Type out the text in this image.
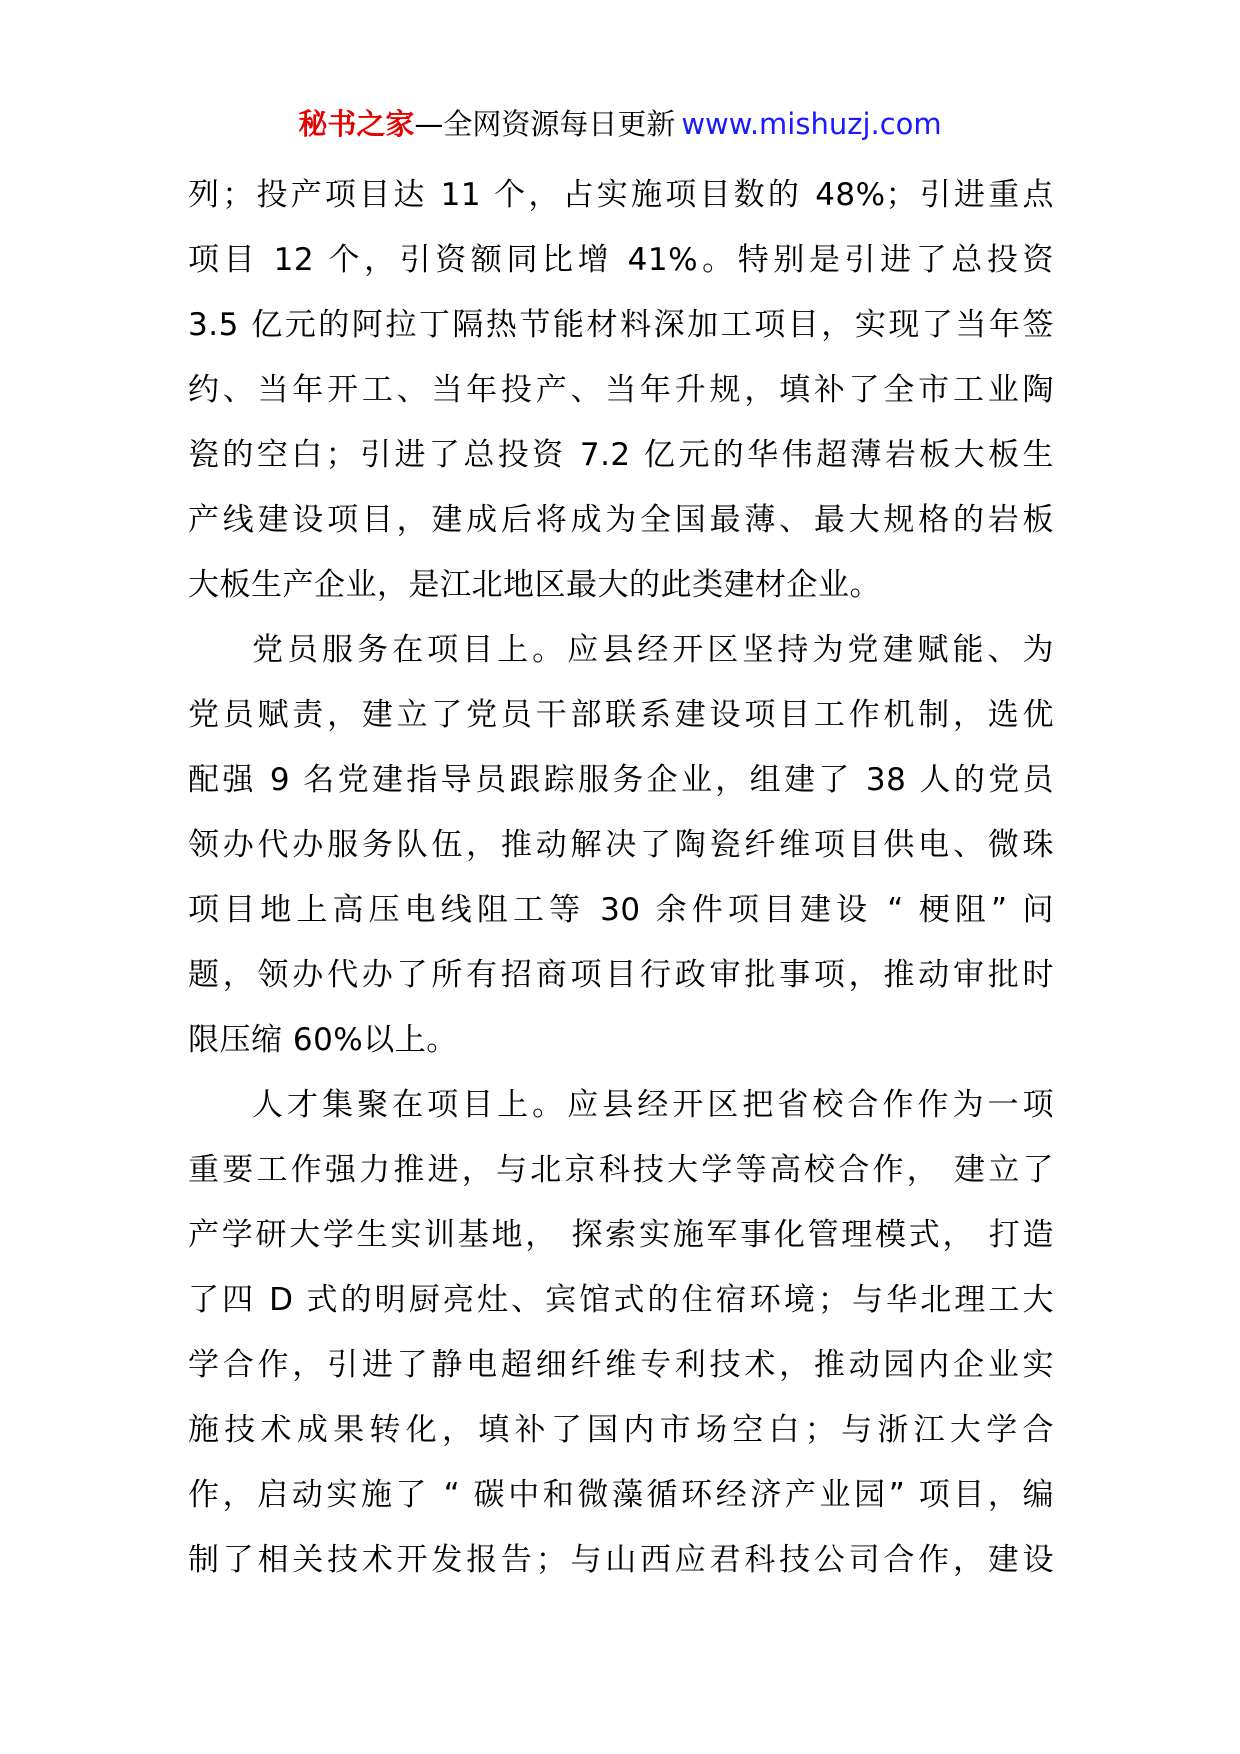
秘书之家—全网资源每日更新 www.mishuzj.com
列；投产项目达 11 个，占实施项目数的 48%；引进重点
项目 12 个，引资额同比增 41%。特别是引进了总投资
3.5 亿元的阿拉丁隔热节能材料深加工项目，实现了当年签
约、当年开工、当年投产、当年升规，填补了全市工业陶
瓷的空白；引进了总投资 7.2 亿元的华伟超薄岩板大板生
产线建设项目，建成后将成为全国最薄、最大规格的岩板
大板生产企业，是江北地区最大的此类建材企业。
党员服务在项目上。应县经开区坚持为党建赋能、为
党员赋责，建立了党员干部联系建设项目工作机制，选优
配强 9 名党建指导员跟踪服务企业，组建了 38 人的党员
领办代办服务队伍，推动解决了陶瓷纤维项目供电、微珠
项目地上高压电线阻工等 30 余件项目建设 “ 梗阻” 问
题，领办代办了所有招商项目行政审批事项，推动审批时
限压缩 60%以上。
人才集聚在项目上。应县经开区把省校合作作为一项
重要工作强力推进，与北京科技大学等高校合作， 建立了
产学研大学生实训基地， 探索实施军事化管理模式， 打造
了四 D 式的明厨亮灶、宾馆式的住宿环境；与华北理工大
学合作，引进了静电超细纤维专利技术，推动园内企业实
施技术成果转化，填补了国内市场空白；与浙江大学合
作，启动实施了 “ 碳中和微藻循环经济产业园” 项目，编
制了相关技术开发报告；与山西应君科技公司合作，建设
